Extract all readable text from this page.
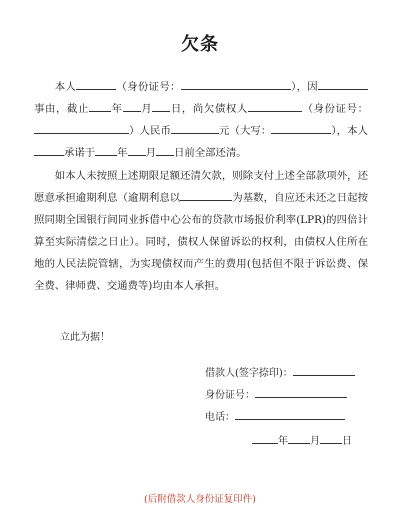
欠条

本人	（身份证号：	），因事由，截止 年 月 日，尚欠债权人	（身份证号：）人民币	元（大写：	），本人承诺于 年 月 日前全部还清。

如本人未按照上述期限足额还清欠款，则除支付上述全部款项外，还愿意承担逾期利息（逾期利息以	为基数，自应还未还之日起按照同期全国银行间同业拆借中心公布的贷款市场报价利率(LPR)的四倍计算至实际清偿之日止）。同时，债权人保留诉讼的权利，由债权人住所在地的人民法院管辖，为实现债权而产生的费用(包括但不限于诉讼费、保全费、律师费、交通费等)均由本人承担。

立此为据！
借款人(签字捺印)：
身份证号：
电话：
年 月 日
(后附借款人身份证复印件)
